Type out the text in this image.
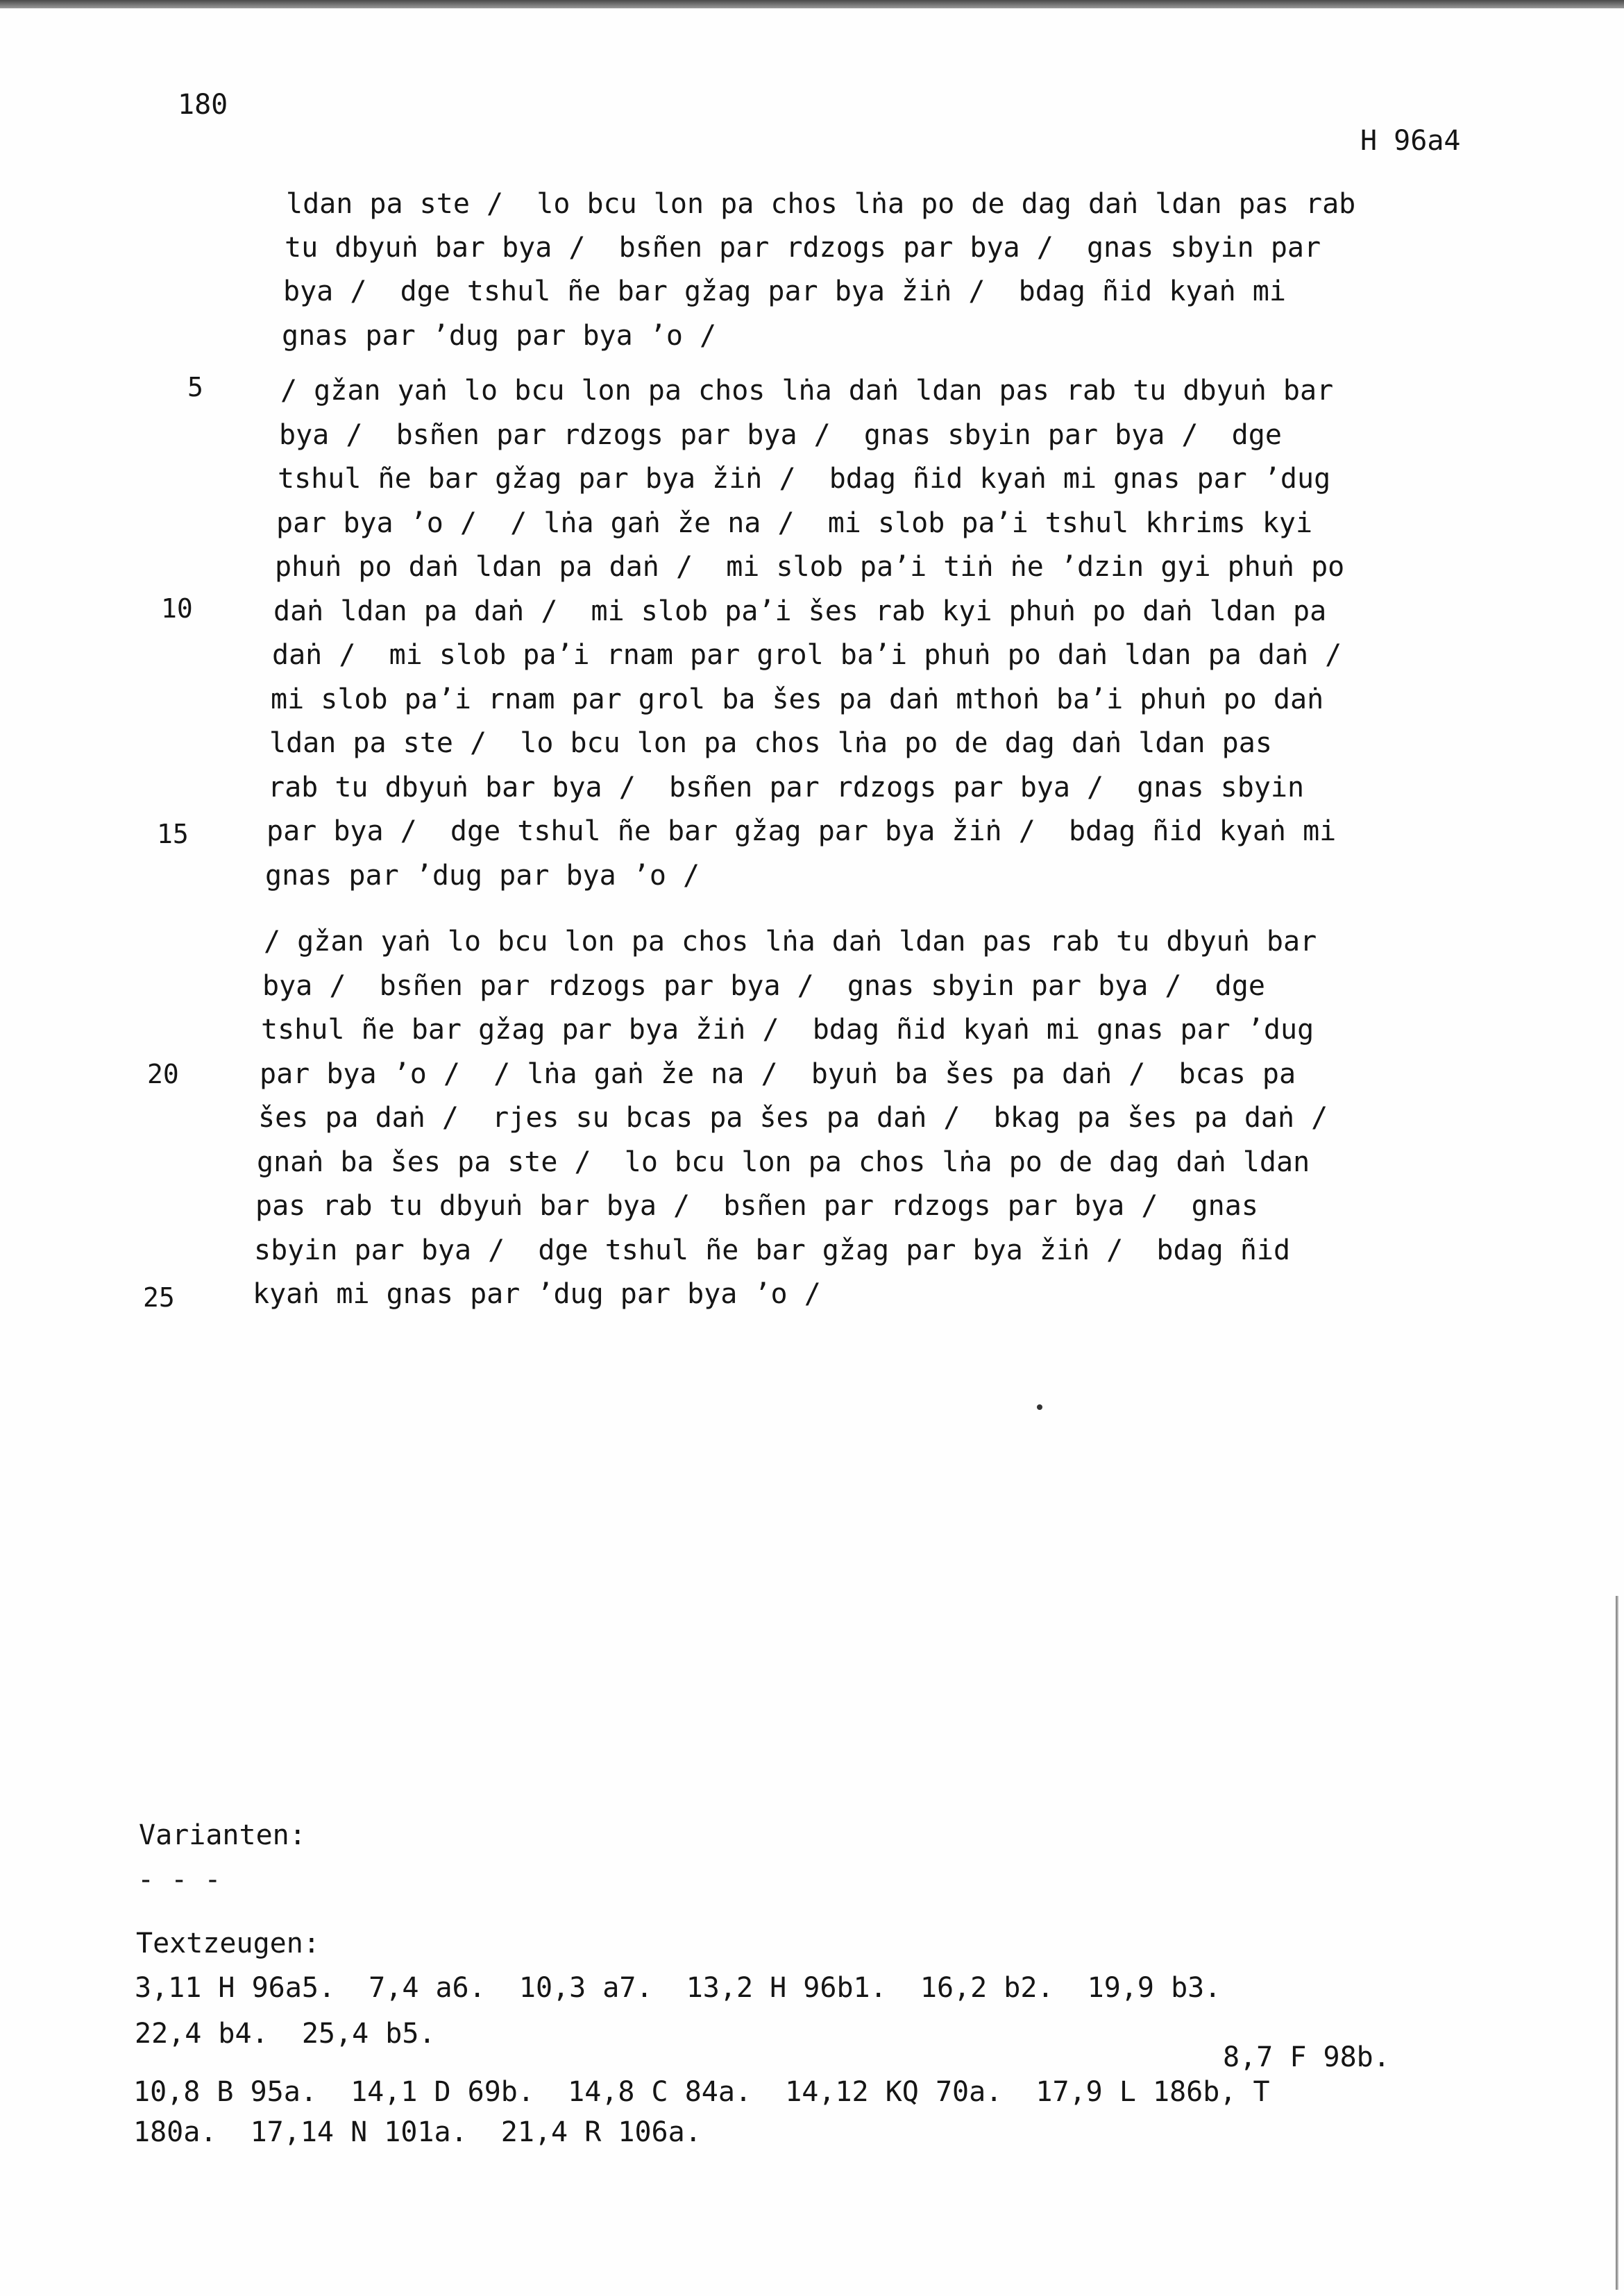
180
H 96a4
ldan pa ste /  lo bcu lon pa chos lṅa po de dag daṅ ldan pas rab
tu dbyuṅ bar bya /  bsñen par rdzogs par bya /  gnas sbyin par
bya /  dge tshul ñe bar gžag par bya žiṅ /  bdag ñid kyaṅ mi
gnas par ’dug par bya ’o /
/ gžan yaṅ lo bcu lon pa chos lṅa daṅ ldan pas rab tu dbyuṅ bar
bya /  bsñen par rdzogs par bya /  gnas sbyin par bya /  dge
tshul ñe bar gžag par bya žiṅ /  bdag ñid kyaṅ mi gnas par ’dug
par bya ’o /  / lṅa gaṅ že na /  mi slob pa’i tshul khrims kyi
phuṅ po daṅ ldan pa daṅ /  mi slob pa’i tiṅ ṅe ’dzin gyi phuṅ po
daṅ ldan pa daṅ /  mi slob pa’i šes rab kyi phuṅ po daṅ ldan pa
daṅ /  mi slob pa’i rnam par grol ba’i phuṅ po daṅ ldan pa daṅ /
mi slob pa’i rnam par grol ba šes pa daṅ mthoṅ ba’i phuṅ po daṅ
ldan pa ste /  lo bcu lon pa chos lṅa po de dag daṅ ldan pas
rab tu dbyuṅ bar bya /  bsñen par rdzogs par bya /  gnas sbyin
par bya /  dge tshul ñe bar gžag par bya žiṅ /  bdag ñid kyaṅ mi
gnas par ’dug par bya ’o /
/ gžan yaṅ lo bcu lon pa chos lṅa daṅ ldan pas rab tu dbyuṅ bar
bya /  bsñen par rdzogs par bya /  gnas sbyin par bya /  dge
tshul ñe bar gžag par bya žiṅ /  bdag ñid kyaṅ mi gnas par ’dug
par bya ’o /  / lṅa gaṅ že na /  byuṅ ba šes pa daṅ /  bcas pa
šes pa daṅ /  rjes su bcas pa šes pa daṅ /  bkag pa šes pa daṅ /
gnaṅ ba šes pa ste /  lo bcu lon pa chos lṅa po de dag daṅ ldan
pas rab tu dbyuṅ bar bya /  bsñen par rdzogs par bya /  gnas
sbyin par bya /  dge tshul ñe bar gžag par bya žiṅ /  bdag ñid
kyaṅ mi gnas par ’dug par bya ’o /
5
10
15
20
25
Varianten:
- - -
Textzeugen:
3,11 H 96a5.  7,4 a6.  10,3 a7.  13,2 H 96b1.  16,2 b2.  19,9 b3.
22,4 b4.  25,4 b5.
8,7 F 98b.
10,8 B 95a.  14,1 D 69b.  14,8 C 84a.  14,12 KQ 70a.  17,9 L 186b, T
180a.  17,14 N 101a.  21,4 R 106a.
